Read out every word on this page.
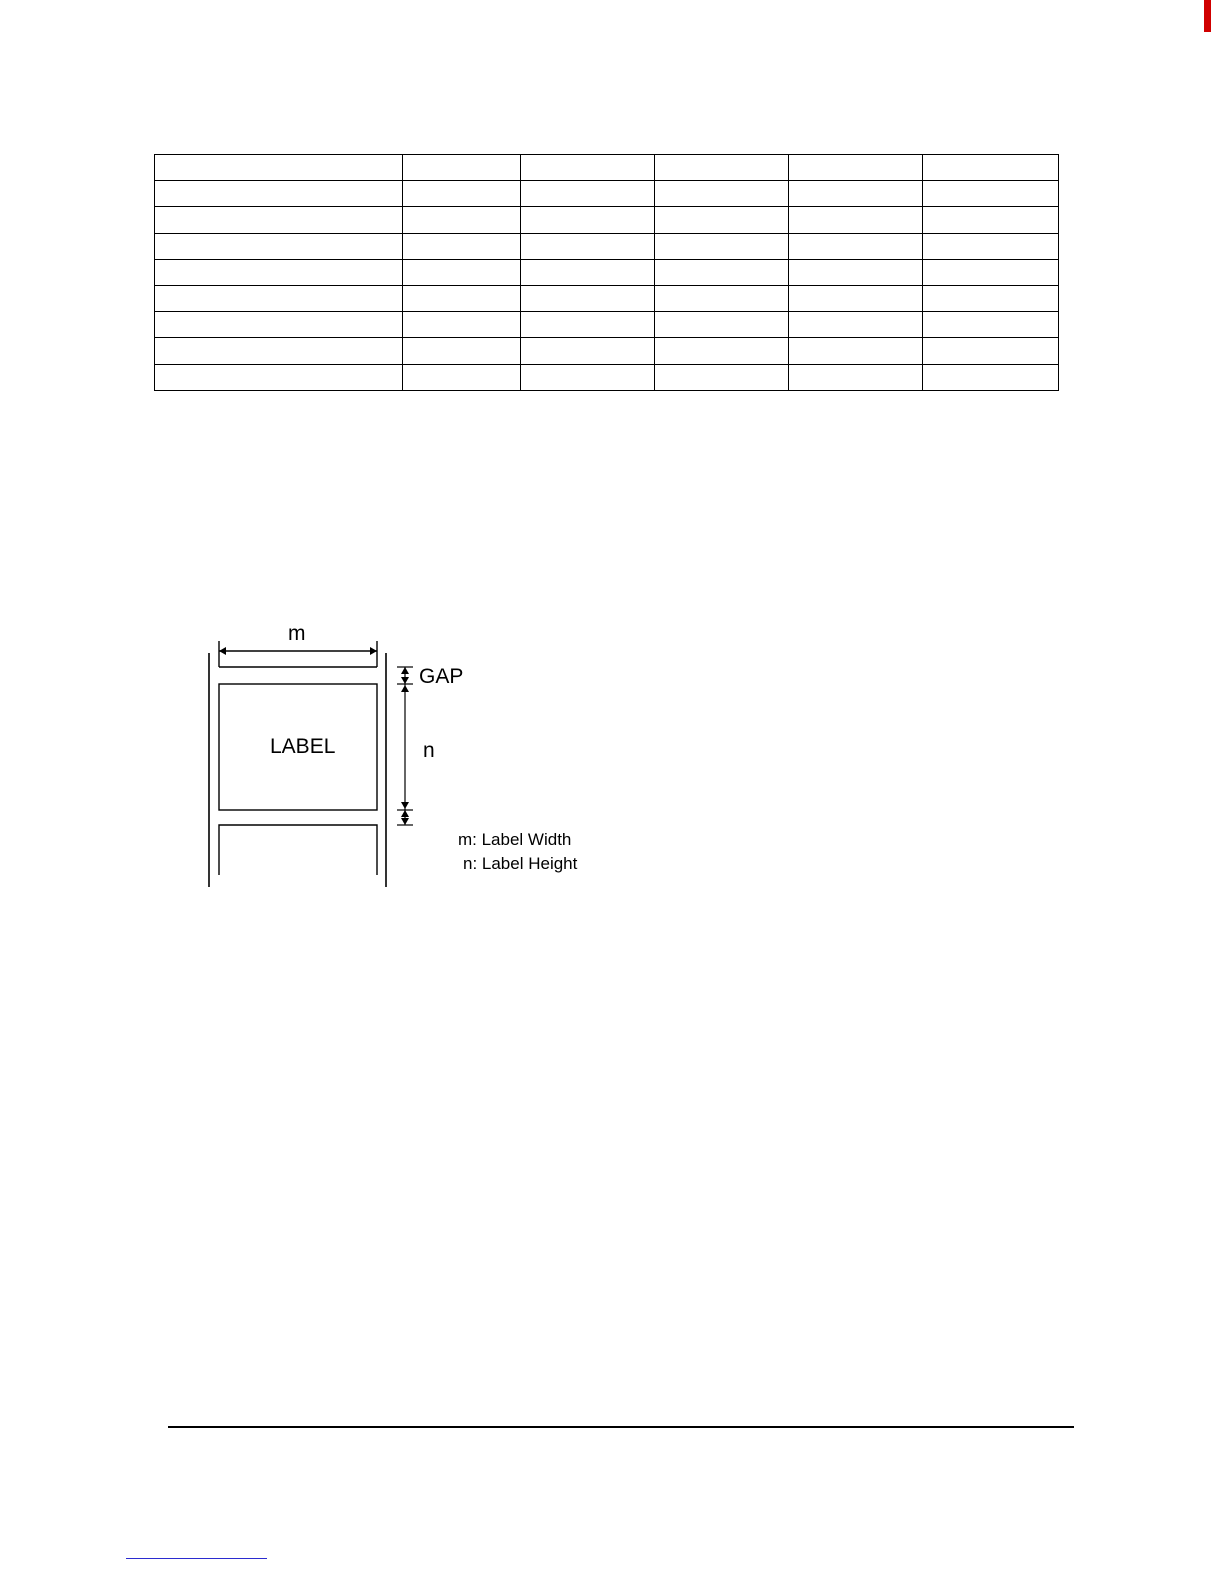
m
GAP
LABEL	n
m: Label Width
n: Label Height
